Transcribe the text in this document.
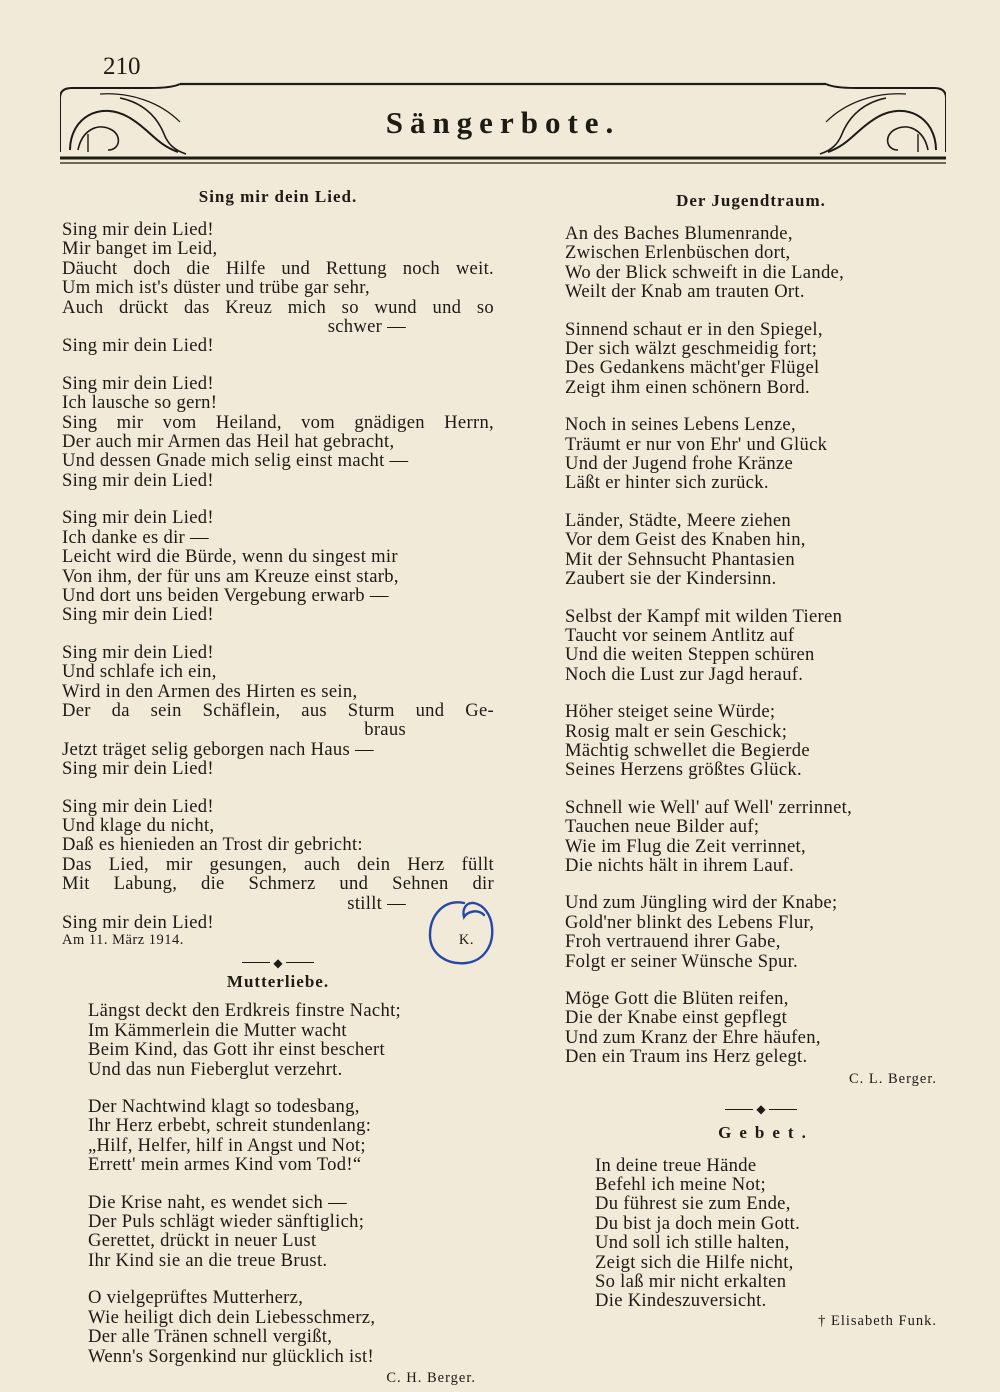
210
Sängerbote.
Sing mir dein Lied.
Sing mir dein Lied!
Mir banget im Leid,
Däucht doch die Hilfe und Rettung noch weit.
Um mich ist's düster und trübe gar sehr,
Auch drückt das Kreuz mich so wund und so
schwer —
Sing mir dein Lied!
Sing mir dein Lied!
Ich lausche so gern!
Sing mir vom Heiland, vom gnädigen Herrn,
Der auch mir Armen das Heil hat gebracht,
Und dessen Gnade mich selig einst macht —
Sing mir dein Lied!
Sing mir dein Lied!
Ich danke es dir —
Leicht wird die Bürde, wenn du singest mir
Von ihm, der für uns am Kreuze einst starb,
Und dort uns beiden Vergebung erwarb —
Sing mir dein Lied!
Sing mir dein Lied!
Und schlafe ich ein,
Wird in den Armen des Hirten es sein,
Der da sein Schäflein, aus Sturm und Ge-
braus
Jetzt träget selig geborgen nach Haus —
Sing mir dein Lied!
Sing mir dein Lied!
Und klage du nicht,
Daß es hienieden an Trost dir gebricht:
Das Lied, mir gesungen, auch dein Herz füllt
Mit Labung, die Schmerz und Sehnen dir
stillt —
Sing mir dein Lied!
Am 11. März 1914.	K.
◆
Mutterliebe.
Längst deckt den Erdkreis finstre Nacht;
Im Kämmerlein die Mutter wacht
Beim Kind, das Gott ihr einst beschert
Und das nun Fieberglut verzehrt.
Der Nachtwind klagt so todesbang,
Ihr Herz erbebt, schreit stundenlang:
„Hilf, Helfer, hilf in Angst und Not;
Errett' mein armes Kind vom Tod!“
Die Krise naht, es wendet sich —
Der Puls schlägt wieder sänftiglich;
Gerettet, drückt in neuer Lust
Ihr Kind sie an die treue Brust.
O vielgeprüftes Mutterherz,
Wie heiligt dich dein Liebesschmerz,
Der alle Tränen schnell vergißt,
Wenn's Sorgenkind nur glücklich ist!
C. H. Berger.
Der Jugendtraum.
An des Baches Blumenrande,
Zwischen Erlenbüschen dort,
Wo der Blick schweift in die Lande,
Weilt der Knab am trauten Ort.
Sinnend schaut er in den Spiegel,
Der sich wälzt geschmeidig fort;
Des Gedankens mächt'ger Flügel
Zeigt ihm einen schönern Bord.
Noch in seines Lebens Lenze,
Träumt er nur von Ehr' und Glück
Und der Jugend frohe Kränze
Läßt er hinter sich zurück.
Länder, Städte, Meere ziehen
Vor dem Geist des Knaben hin,
Mit der Sehnsucht Phantasien
Zaubert sie der Kindersinn.
Selbst der Kampf mit wilden Tieren
Taucht vor seinem Antlitz auf
Und die weiten Steppen schüren
Noch die Lust zur Jagd herauf.
Höher steiget seine Würde;
Rosig malt er sein Geschick;
Mächtig schwellet die Begierde
Seines Herzens größtes Glück.
Schnell wie Well' auf Well' zerrinnet,
Tauchen neue Bilder auf;
Wie im Flug die Zeit verrinnet,
Die nichts hält in ihrem Lauf.
Und zum Jüngling wird der Knabe;
Gold'ner blinkt des Lebens Flur,
Froh vertrauend ihrer Gabe,
Folgt er seiner Wünsche Spur.
Möge Gott die Blüten reifen,
Die der Knabe einst gepflegt
Und zum Kranz der Ehre häufen,
Den ein Traum ins Herz gelegt.
C. L. Berger.
◆
Gebet.
In deine treue Hände
Befehl ich meine Not;
Du führest sie zum Ende,
Du bist ja doch mein Gott.
Und soll ich stille halten,
Zeigt sich die Hilfe nicht,
So laß mir nicht erkalten
Die Kindeszuversicht.
† Elisabeth Funk.
